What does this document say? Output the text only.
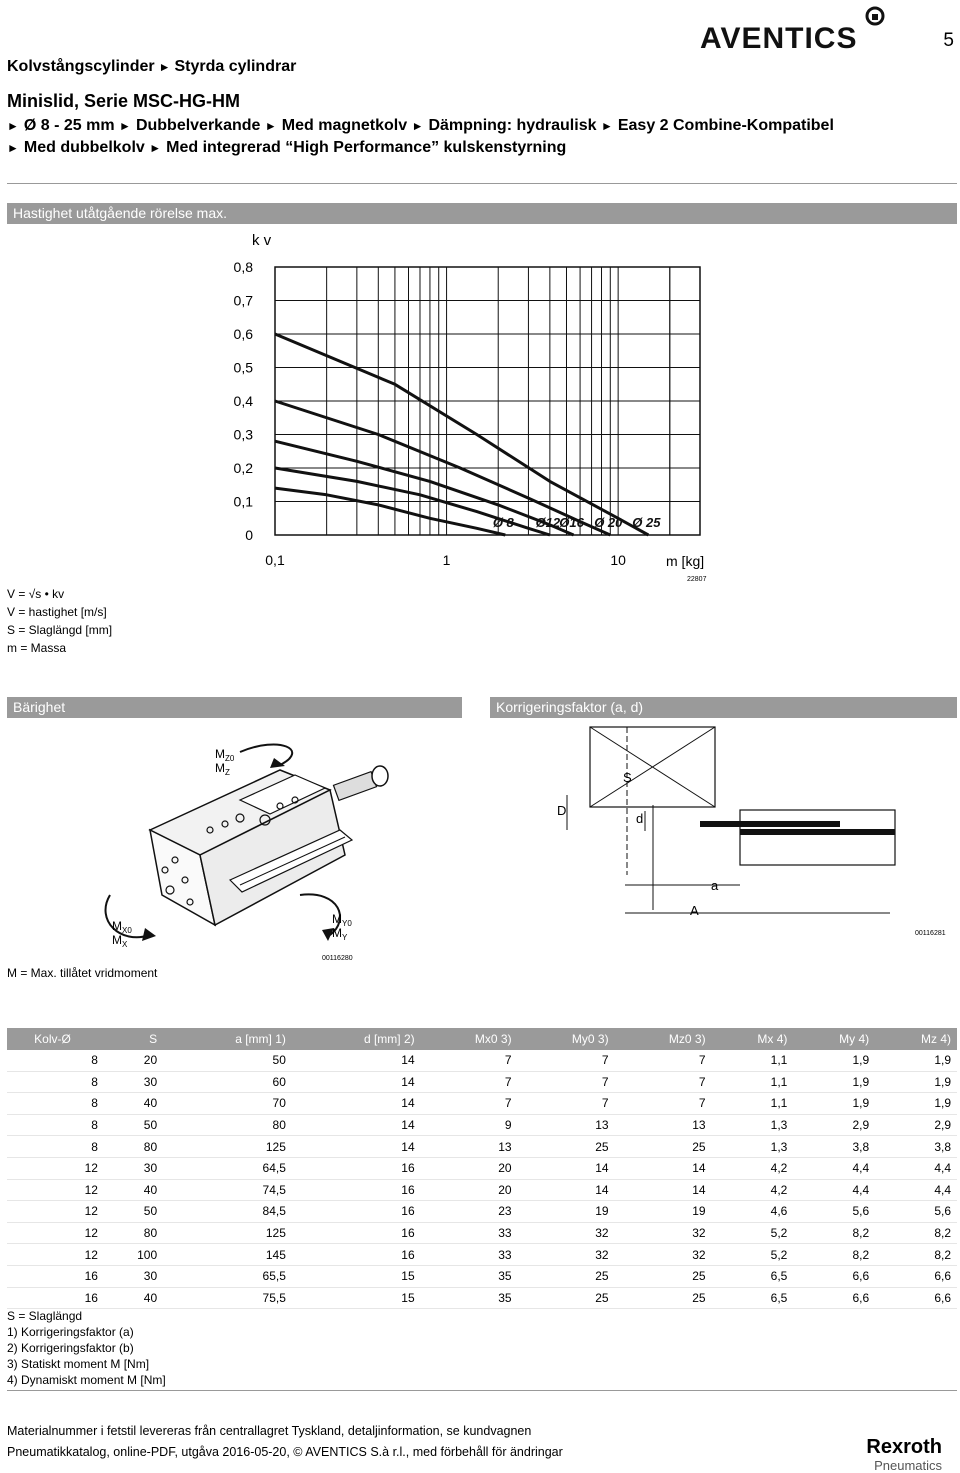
5
AVENTICS
Kolvstångscylinder ► Styrda cylindrar
Minislid, Serie MSC-HG-HM
► Ø 8 - 25 mm ► Dubbelverkande ► Med magnetkolv ► Dämpning: hydraulisk ► Easy 2 Combine-Kompatibel
► Med dubbelkolv ► Med integrerad “High Performance” kulskenstyrning
Hastighet utåtgående rörelse max.
0,8
0,7
0,6
0,5
0,4
0,3
0,2
0,1
0
0,1	1	10
Ø 8 Ø12 Ø16 Ø 20 Ø 25
k v
m [kg]
22807
V = √s • kv
V = hastighet [m/s]
S = Slaglängd [mm]
m = Massa
Bärighet	Korrigeringsfaktor (a, d)
$M_{Z0}$
$M_Z$
$M_{X0}$
$M_X$
$M_{Y0}$
$M_Y$
00116280
S
D
d
a
A
00116281
M = Max. tillåtet vridmoment
Kolv-Ø	S	a [mm] 1)	d [mm] 2)	Mx0 3)	My0 3)	Mz0 3)	Mx 4)	My 4)	Mz 4)
8	20	50	14	7	7	7	1,1	1,9	1,9
8	30	60	14	7	7	7	1,1	1,9	1,9
8	40	70	14	7	7	7	1,1	1,9	1,9
8	50	80	14	9	13	13	1,3	2,9	2,9
8	80	125	14	13	25	25	1,3	3,8	3,8
12	30	64,5	16	20	14	14	4,2	4,4	4,4
12	40	74,5	16	20	14	14	4,2	4,4	4,4
12	50	84,5	16	23	19	19	4,6	5,6	5,6
12	80	125	16	33	32	32	5,2	8,2	8,2
12	100	145	16	33	32	32	5,2	8,2	8,2
16	30	65,5	15	35	25	25	6,5	6,6	6,6
16	40	75,5	15	35	25	25	6,5	6,6	6,6
S = Slaglängd
1) Korrigeringsfaktor (a)
2) Korrigeringsfaktor (b)
3) Statiskt moment M [Nm]
4) Dynamiskt moment M [Nm]
Materialnummer i fetstil levereras från centrallagret Tyskland, detaljinformation, se kundvagnen
Pneumatikkatalog, online-PDF, utgåva 2016-05-20, © AVENTICS S.à r.l., med förbehåll för ändringar	Rexroth
Pneumatics
